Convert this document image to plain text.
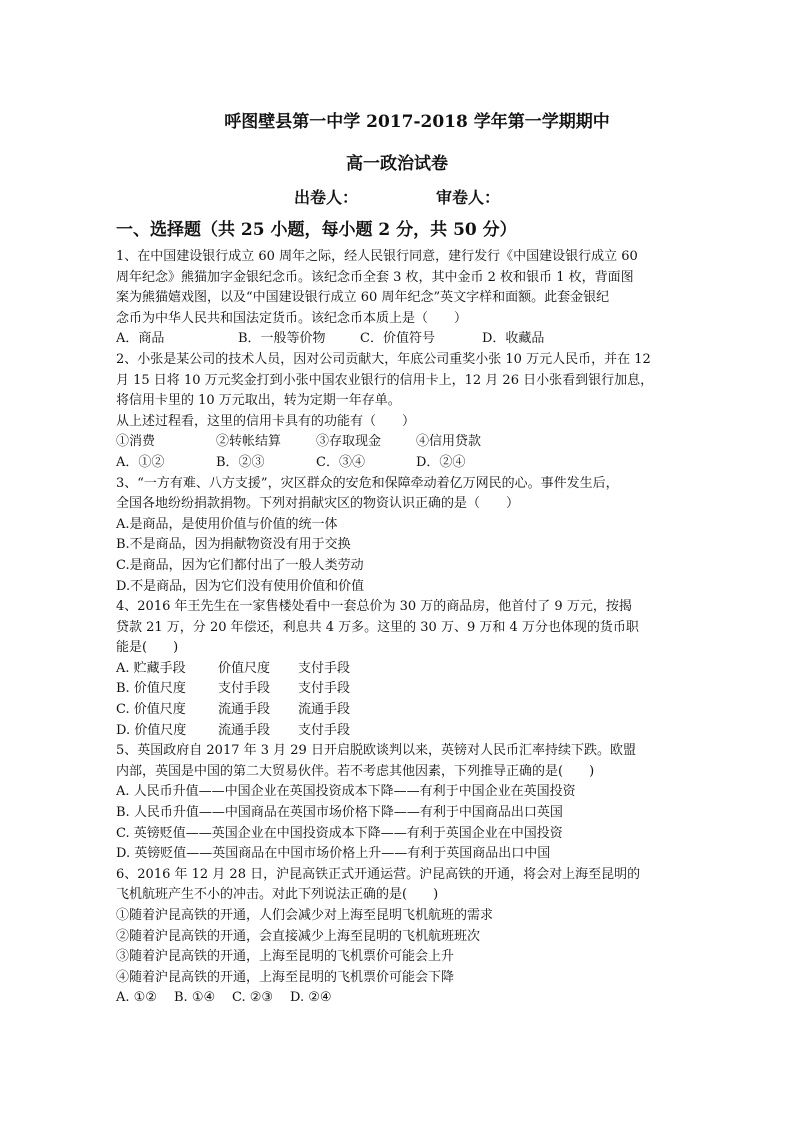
呼图壁县第一中学 2017-2018 学年第一学期期中
高一政治试卷
出卷人：	审卷人：
一、选择题（共 25 小题，每小题 2 分，共 50 分）
1、在中国建设银行成立 60 周年之际，经人民银行同意，建行发行《中国建设银行成立 60
周年纪念》熊猫加字金银纪念币。该纪念币全套 3 枚，其中金币 2 枚和银币 1 枚，背面图
案为熊猫嬉戏图，以及“中国建设银行成立 60 周年纪念”英文字样和面额。此套金银纪
念币为中华人民共和国法定货币。该纪念币本质上是（　　）
A．商品	B．一般等价物	C．价值符号	D．收藏品
2、小张是某公司的技术人员，因对公司贡献大，年底公司重奖小张 10 万元人民币，并在 12
月 15 日将 10 万元奖金打到小张中国农业银行的信用卡上，12 月 26 日小张看到银行加息，
将信用卡里的 10 万元取出，转为定期一年存单。
从上述过程看，这里的信用卡具有的功能有（　　）
①消费	②转帐结算	③存取现金	④信用贷款
A．①②	B．②③	C．③④	D．②④
3、“一方有难、八方支援”，灾区群众的安危和保障牵动着亿万网民的心。事件发生后，
全国各地纷纷捐款捐物。下列对捐献灾区的物资认识正确的是（　　）
A.是商品，是使用价值与价值的统一体
B.不是商品，因为捐献物资没有用于交换
C.是商品，因为它们都付出了一般人类劳动
D.不是商品，因为它们没有使用价值和价值
4、2016 年王先生在一家售楼处看中一套总价为 30 万的商品房，他首付了 9 万元，按揭
贷款 21 万，分 20 年偿还，利息共 4 万多。这里的 30 万、9 万和 4 万分也体现的货币职
能是(　　)
A. 贮藏手段 价值尺度 支付手段
B. 价值尺度 支付手段 支付手段
C. 价值尺度 流通手段 流通手段
D. 价值尺度 流通手段 支付手段
5、英国政府自 2017 年 3 月 29 日开启脱欧谈判以来，英镑对人民币汇率持续下跌。欧盟
内部，英国是中国的第二大贸易伙伴。若不考虑其他因素，下列推导正确的是(　　)
A. 人民币升值——中国企业在英国投资成本下降——有利于中国企业在英国投资
B. 人民币升值——中国商品在英国市场价格下降——有利于中国商品出口英国
C. 英镑贬值——英国企业在中国投资成本下降——有利于英国企业在中国投资
D. 英镑贬值——英国商品在中国市场价格上升——有利于英国商品出口中国
6、2016 年 12 月 28 日，沪昆高铁正式开通运营。沪昆高铁的开通，将会对上海至昆明的
飞机航班产生不小的冲击。对此下列说法正确的是(　　)
①随着沪昆高铁的开通，人们会减少对上海至昆明飞机航班的需求
②随着沪昆高铁的开通，会直接减少上海至昆明的飞机航班班次
③随着沪昆高铁的开通，上海至昆明的飞机票价可能会上升
④随着沪昆高铁的开通，上海至昆明的飞机票价可能会下降
A. ①② B. ①④ C. ②③ D. ②④
